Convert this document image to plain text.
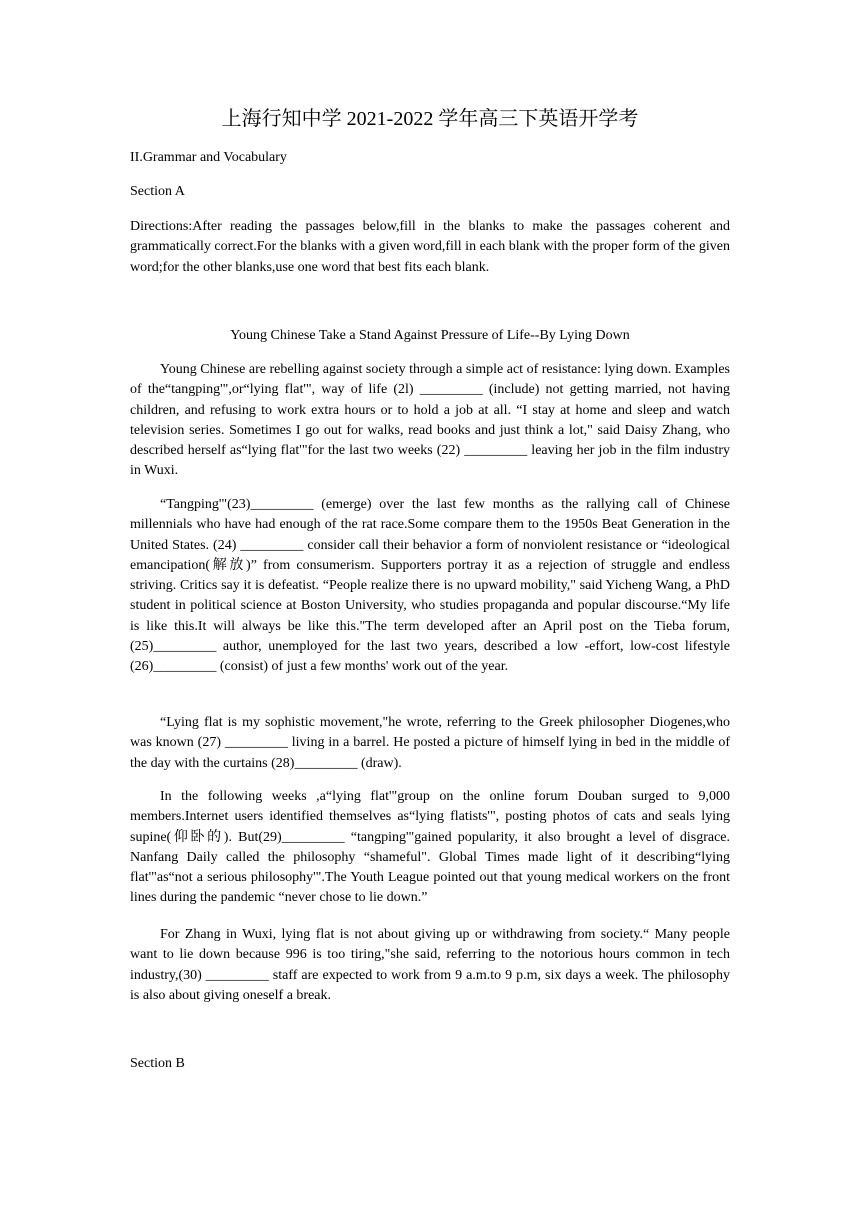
上海行知中学 2021-2022 学年高三下英语开学考
II.Grammar and Vocabulary
Section A
Directions:After reading the passages below,fill in the blanks to make the passages coherent and grammatically correct.For the blanks with a given word,fill in each blank with the proper form of the given word;for the other blanks,use one word that best fits each blank.
Young Chinese Take a Stand Against Pressure of Life--By Lying Down
Young Chinese are rebelling against society through a simple act of resistance: lying down. Examples of the“tangping'",or“lying flat'", way of life (2l) _________ (include) not getting married, not having children, and refusing to work extra hours or to hold a job at all. “I stay at home and sleep and watch television series. Sometimes I go out for walks, read books and just think a lot," said Daisy Zhang, who described herself as“lying flat'"for the last two weeks (22) _________ leaving her job in the film industry in Wuxi.
“Tangping'"(23)_________ (emerge) over the last few months as the rallying call of Chinese millennials who have had enough of the rat race.Some compare them to the 1950s Beat Generation in the United States. (24) _________ consider call their behavior a form of nonviolent resistance or “ideological emancipation(解放)” from consumerism. Supporters portray it as a rejection of struggle and endless striving. Critics say it is defeatist. “People realize there is no upward mobility," said Yicheng Wang, a PhD student in political science at Boston University, who studies propaganda and popular discourse.“My life is like this.It will always be like this."The term developed after an April post on the Tieba forum, (25)_________ author, unemployed for the last two years, described a low -effort, low-cost lifestyle (26)_________ (consist) of just a few months' work out of the year.
“Lying flat is my sophistic movement,"he wrote, referring to the Greek philosopher Diogenes,who was known (27) _________ living in a barrel. He posted a picture of himself lying in bed in the middle of the day with the curtains (28)_________ (draw).
In the following weeks ,a“lying flat'"group on the online forum Douban surged to 9,000 members.Internet users identified themselves as“lying flatists'", posting photos of cats and seals lying supine(仰卧的). But(29)_________ “tangping'"gained popularity, it also brought a level of disgrace. Nanfang Daily called the philosophy “shameful". Global Times made light of it describing“lying flat'"as“not a serious philosophy'".The Youth League pointed out that young medical workers on the front lines during the pandemic “never chose to lie down.”
For Zhang in Wuxi, lying flat is not about giving up or withdrawing from society.“ Many people want to lie down because 996 is too tiring,"she said, referring to the notorious hours common in tech industry,(30) _________ staff are expected to work from 9 a.m.to 9 p.m, six days a week. The philosophy is also about giving oneself a break.
Section B
